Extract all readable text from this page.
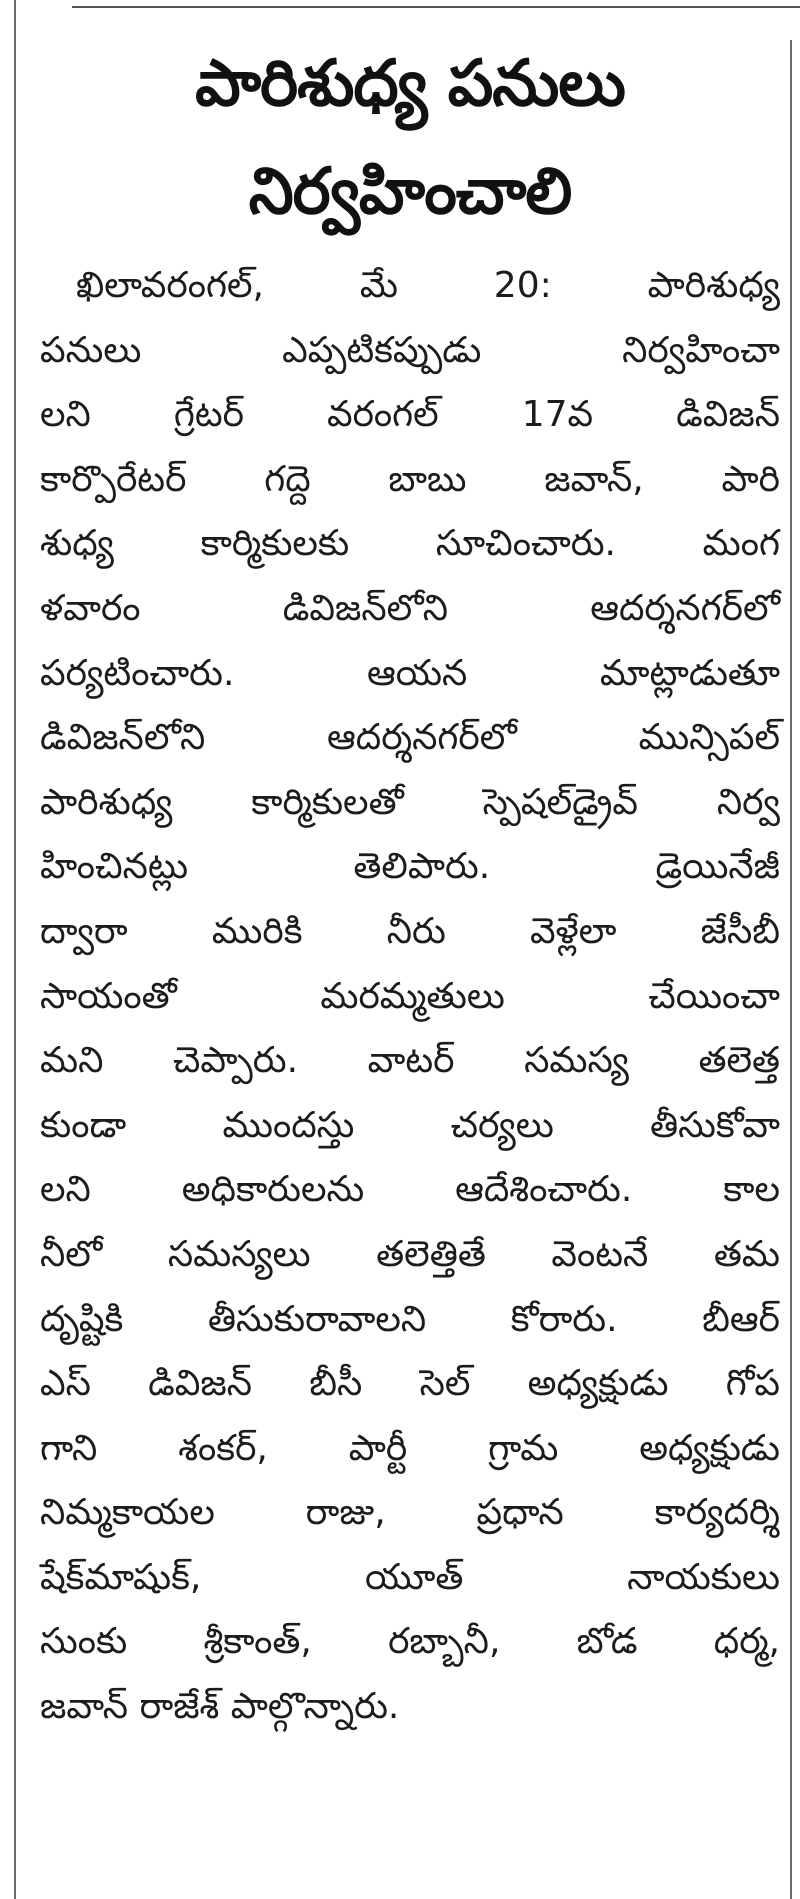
పారిశుధ్య పనులు
నిర్వహించాలి
ఖిలావరంగల్, మే 20: పారిశుధ్య
పనులు ఎప్పటికప్పుడు నిర్వహించా
లని గ్రేటర్ వరంగల్ 17వ డివిజన్
కార్పొరేటర్ గద్దె బాబు జవాన్, పారి
శుధ్య కార్మికులకు సూచించారు. మంగ
ళవారం డివిజన్‌లోని ఆదర్శనగర్‌లో
పర్యటించారు. ఆయన మాట్లాడుతూ
డివిజన్‌లోని ఆదర్శనగర్‌లో మున్సిపల్
పారిశుధ్య కార్మికులతో స్పెషల్‌డ్రైవ్ నిర్వ
హించినట్లు తెలిపారు. డ్రెయినేజీ
ద్వారా మురికి నీరు వెళ్లేలా జేసీబీ
సాయంతో మరమ్మతులు చేయించా
మని చెప్పారు. వాటర్ సమస్య తలెత్త
కుండా ముందస్తు చర్యలు తీసుకోవా
లని అధికారులను ఆదేశించారు. కాల
నీలో సమస్యలు తలెత్తితే వెంటనే తమ
దృష్టికి తీసుకురావాలని కోరారు. బీఆర్
ఎస్ డివిజన్ బీసీ సెల్ అధ్యక్షుడు గోప
గాని శంకర్, పార్టీ గ్రామ అధ్యక్షుడు
నిమ్మకాయల రాజు, ప్రధాన కార్యదర్శి
షేక్‌మాషుక్, యూత్ నాయకులు
సుంకు శ్రీకాంత్, రబ్బానీ, బోడ ధర్మ,
జవాన్ రాజేశ్ పాల్గొన్నారు.
